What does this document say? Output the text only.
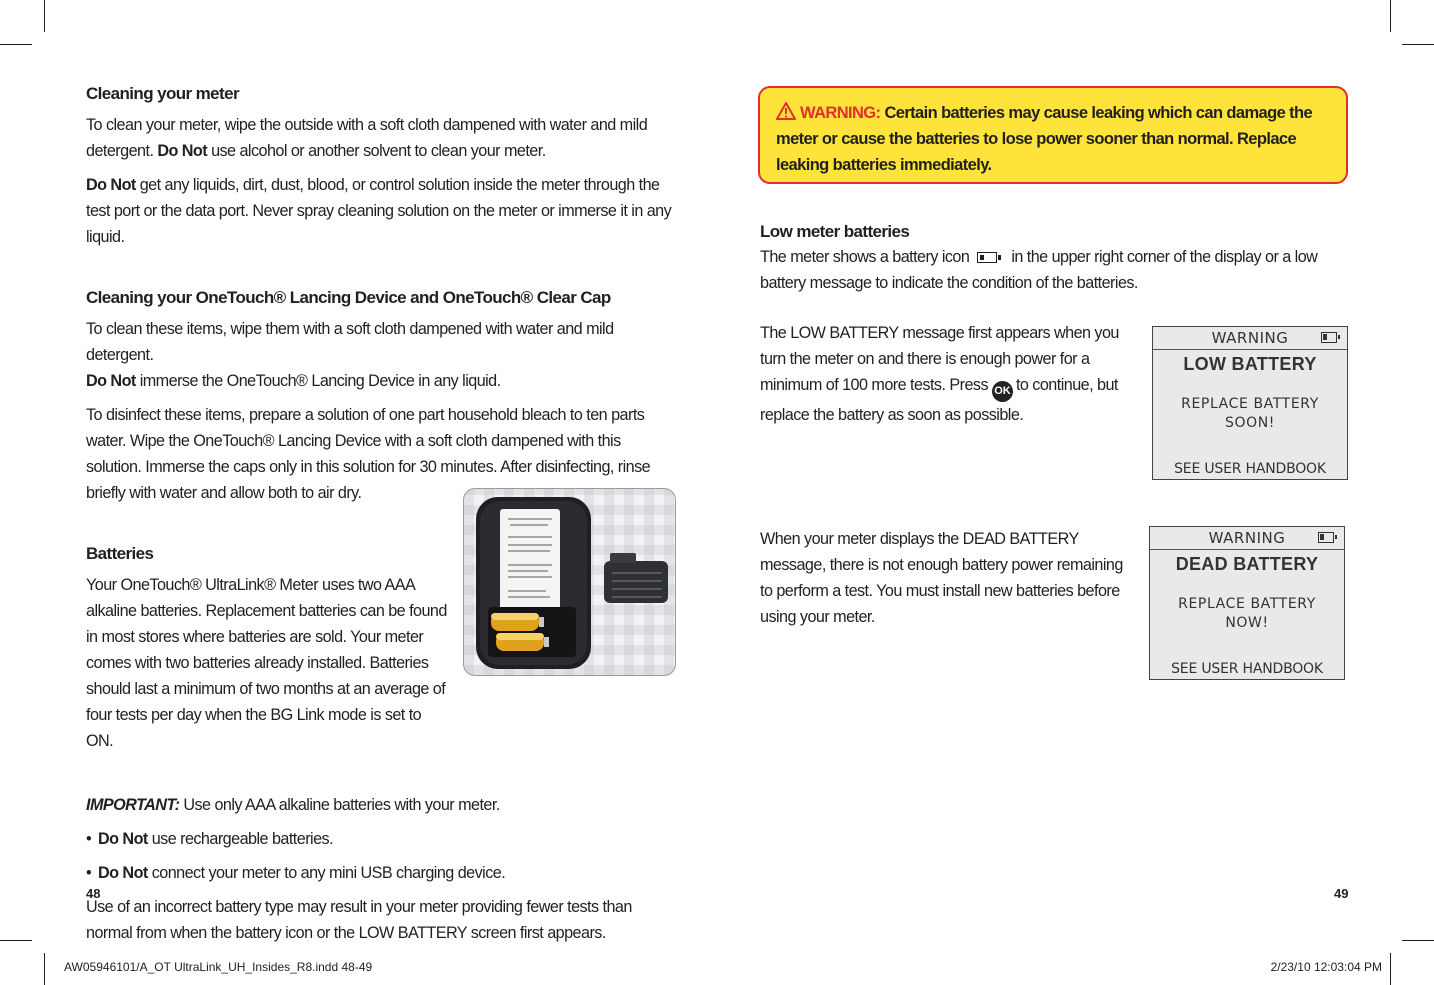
Cleaning your meter

To clean your meter, wipe the outside with a soft cloth dampened with water and mild detergent. Do Not use alcohol or another solvent to clean your meter.

Do Not get any liquids, dirt, dust, blood, or control solution inside the meter through the test port or the data port. Never spray cleaning solution on the meter or immerse it in any liquid.

Cleaning your OneTouch® Lancing Device and OneTouch® Clear Cap

To clean these items, wipe them with a soft cloth dampened with water and mild detergent.

Do Not immerse the OneTouch® Lancing Device in any liquid.

To disinfect these items, prepare a solution of one part household bleach to ten parts water. Wipe the OneTouch® Lancing Device with a soft cloth dampened with this solution. Immerse the caps only in this solution for 30 minutes. After disinfecting, rinse briefly with water and allow both to air dry.

Batteries

Your OneTouch® UltraLink® Meter uses two AAA alkaline batteries. Replacement batteries can be found in most stores where batteries are sold. Your meter comes with two batteries already installed. Batteries should last a minimum of two months at an average of four tests per day when the BG Link mode is set to ON.

IMPORTANT: Use only AAA alkaline batteries with your meter.

• Do Not use rechargeable batteries.

• Do Not connect your meter to any mini USB charging device.

Use of an incorrect battery type may result in your meter providing fewer tests than normal from when the battery icon or the LOW BATTERY screen first appears.

WARNING: Certain batteries may cause leaking which can damage the meter or cause the batteries to lose power sooner than normal. Replace leaking batteries immediately.
Low meter batteries

The meter shows a battery icon	in the upper right corner of the display or a low battery message to indicate the condition of the batteries.

The LOW BATTERY message first appears when you turn the meter on and there is enough power for a minimum of 100 more tests. Press OK to continue, but replace the battery as soon as possible.

When your meter displays the DEAD BATTERY message, there is not enough battery power remaining to perform a test. You must install new batteries before using your meter.

WARNING
LOW BATTERY
REPLACE BATTERY
SOON!
SEE USER HANDBOOK
WARNING
DEAD BATTERY
REPLACE BATTERY
NOW!
SEE USER HANDBOOK
48	49
AW05946101/A_OT UltraLink_UH_Insides_R8.indd 48-49	2/23/10 12:03:04 PM
